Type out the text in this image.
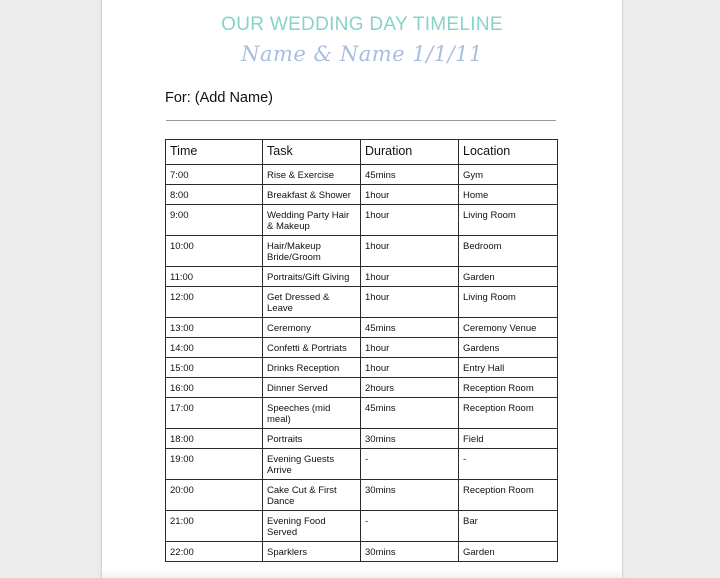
OUR WEDDING DAY TIMELINE
Name & Name 1/1/11
For: (Add Name)
Time	Task	Duration	Location
7:00	Rise & Exercise	45mins	Gym
8:00	Breakfast & Shower	1hour	Home
9:00	Wedding Party Hair & Makeup	1hour	Living Room
10:00	Hair/Makeup Bride/Groom	1hour	Bedroom
11:00	Portraits/Gift Giving	1hour	Garden
12:00	Get Dressed & Leave	1hour	Living Room
13:00	Ceremony	45mins	Ceremony Venue
14:00	Confetti & Portriats	1hour	Gardens
15:00	Drinks Reception	1hour	Entry Hall
16:00	Dinner Served	2hours	Reception Room
17:00	Speeches (mid meal)	45mins	Reception Room
18:00	Portraits	30mins	Field
19:00	Evening Guests Arrive	-	-
20:00	Cake Cut & First Dance	30mins	Reception Room
21:00	Evening Food Served	-	Bar
22:00	Sparklers	30mins	Garden
